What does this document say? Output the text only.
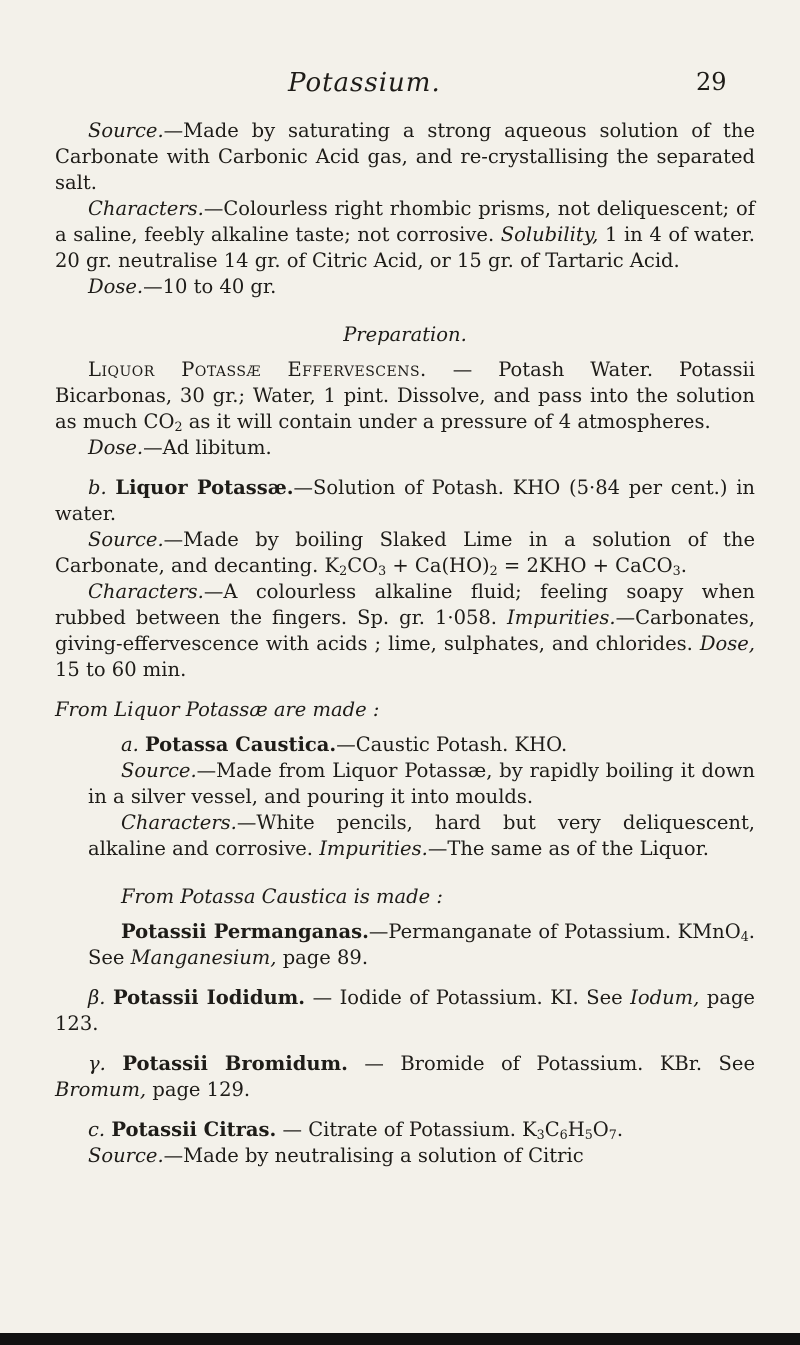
Potassium.	29

Source.—Made by saturating a strong aqueous solution of the Carbonate with Carbonic Acid gas, and re-crystallising the separated salt.

Characters.—Colourless right rhombic prisms, not deliquescent; of a saline, feebly alkaline taste; not corrosive. Solubility, 1 in 4 of water. 20 gr. neutralise 14 gr. of Citric Acid, or 15 gr. of Tartaric Acid.

Dose.—10 to 40 gr.

Preparation.

Liquor Potassæ Effervescens. — Potash Water. Potassii Bicarbonas, 30 gr.; Water, 1 pint. Dissolve, and pass into the solution as much $CO_2$ as it will contain under a pressure of 4 atmospheres.

Dose.—Ad libitum.

b. Liquor Potassæ.—Solution of Potash. KHO (5·84 per cent.) in water.

Source.—Made by boiling Slaked Lime in a solution of the Carbonate, and decanting. $K_2CO_3 + Ca(HO)_2 = 2KHO$ + CaCO$_3$.

Characters.—A colourless alkaline fluid; feeling soapy when rubbed between the fingers. Sp. gr. 1·058. Impurities.—Carbonates, giving-effervescence with acids ; lime, sulphates, and chlorides. Dose, 15 to 60 min.

From Liquor Potassæ are made :

a. Potassa Caustica.—Caustic Potash. KHO.

Source.—Made from Liquor Potassæ, by rapidly boiling it down in a silver vessel, and pouring it into moulds.

Characters.—White pencils, hard but very deliquescent, alkaline and corrosive. Impurities.—The same as of the Liquor.

From Potassa Caustica is made :

Potassii Permanganas.—Permanganate of Potassium. KMnO$_4$. See Manganesium, page 89.

β. Potassii Iodidum. — Iodide of Potassium. KI. See Iodum, page 123.

γ. Potassii Bromidum. — Bromide of Potassium. KBr. See Bromum, page 129.

c. Potassii Citras. — Citrate of Potassium. $K_3C_6H_5O_7$.

Source.—Made by neutralising a solution of Citric
